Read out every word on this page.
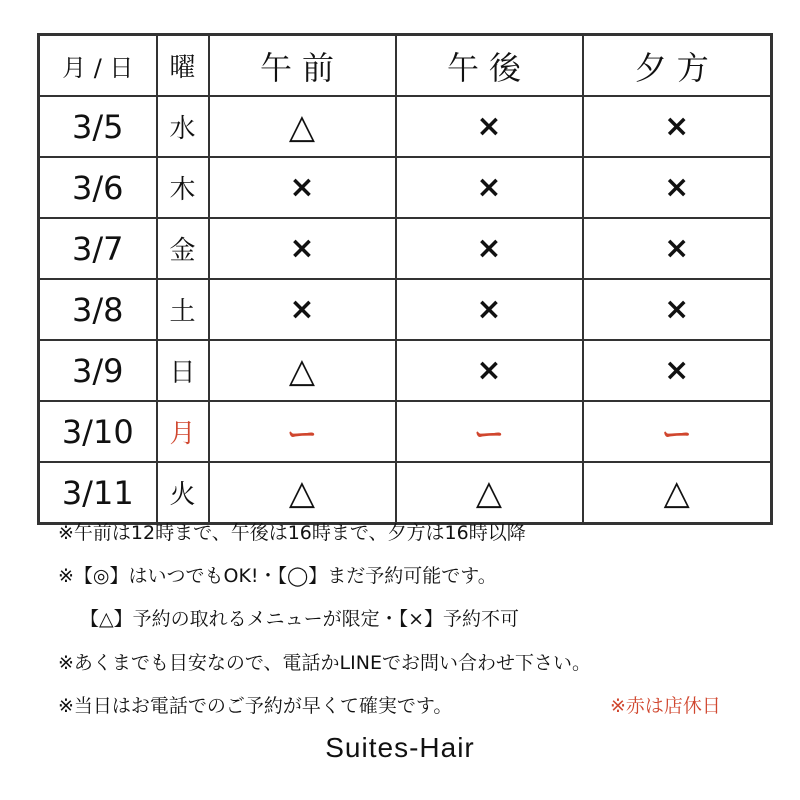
月 / 日	曜	午前	午後	夕方
3/5	水	△	×	×
3/6	木	×	×	×
3/7	金	×	×	×
3/8	土	×	×	×
3/9	日	△	×	×
3/10	月	ー	ー	ー
3/11	火	△	△	△
※午前は12時まで、午後は16時まで、夕方は16時以降
※【◎】はいつでもOK!・【◯】まだ予約可能です。
【△】予約の取れるメニューが限定・【×】予約不可
※あくまでも目安なので、電話かLINEでお問い合わせ下さい。
※当日はお電話でのご予約が早くて確実です。	※赤は店休日
Suites-Hair
